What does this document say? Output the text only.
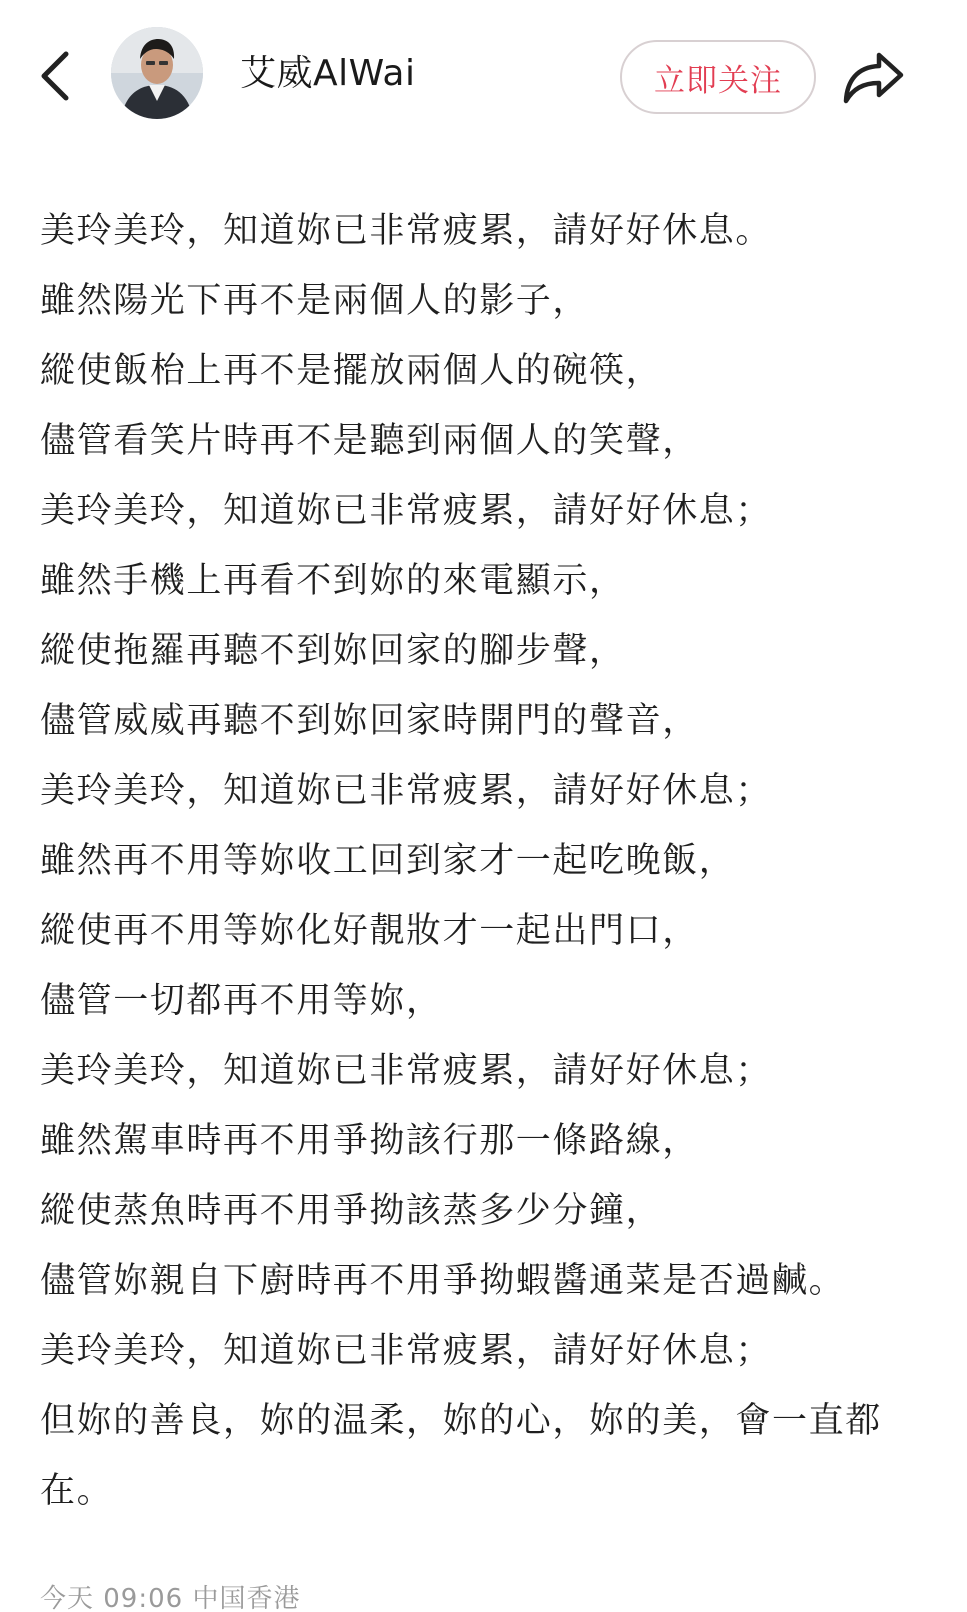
艾威AlWai	立即关注
美玲美玲，知道妳已非常疲累，請好好休息。
雖然陽光下再不是兩個人的影子，
縱使飯枱上再不是擺放兩個人的碗筷，
儘管看笑片時再不是聽到兩個人的笑聲，
美玲美玲，知道妳已非常疲累，請好好休息；
雖然手機上再看不到妳的來電顯示，
縱使拖羅再聽不到妳回家的腳步聲，
儘管威威再聽不到妳回家時開門的聲音，
美玲美玲，知道妳已非常疲累，請好好休息；
雖然再不用等妳收工回到家才一起吃晚飯，
縱使再不用等妳化好靚妝才一起出門口，
儘管一切都再不用等妳，
美玲美玲，知道妳已非常疲累，請好好休息；
雖然駕車時再不用爭拗該行那一條路線，
縱使蒸魚時再不用爭拗該蒸多少分鐘，
儘管妳親自下廚時再不用爭拗蝦醬通菜是否過鹹。
美玲美玲，知道妳已非常疲累，請好好休息；
但妳的善良，妳的温柔，妳的心，妳的美，會一直都在。
今天 09:06 中国香港
